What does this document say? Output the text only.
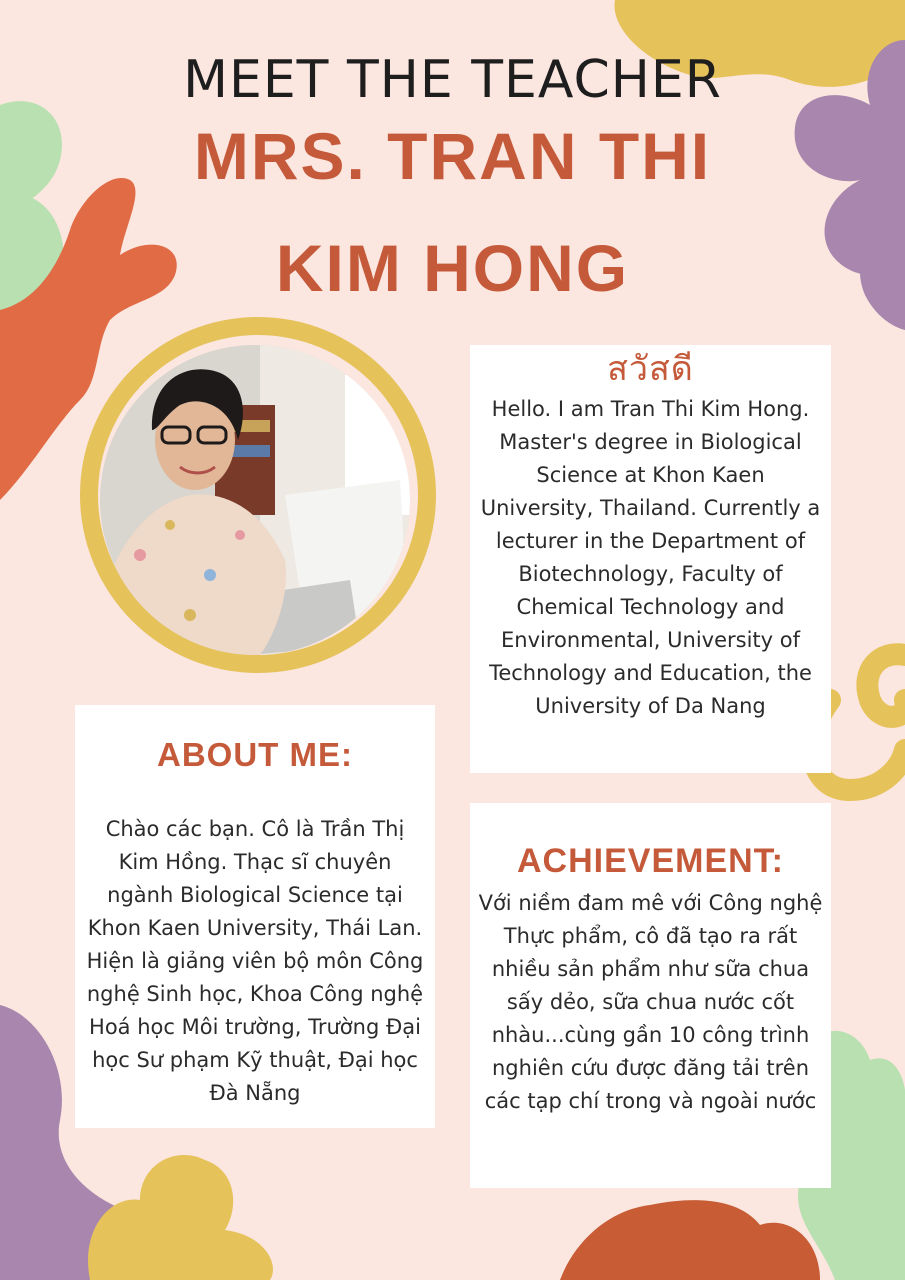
MEET THE TEACHER
MRS. TRAN THI
KIM HONG
สวัสดี

Hello. I am Tran Thi Kim Hong. Master's degree in Biological Science at Khon Kaen University, Thailand. Currently a lecturer in the Department of Biotechnology, Faculty of Chemical Technology and Environmental, University of Technology and Education, the University of Da Nang

ABOUT ME:

Chào các bạn. Cô là Trần Thị Kim Hồng. Thạc sĩ chuyên ngành Biological Science tại Khon Kaen University, Thái Lan. Hiện là giảng viên bộ môn Công nghệ Sinh học, Khoa Công nghệ Hoá học Môi trường, Trường Đại học Sư phạm Kỹ thuật, Đại học Đà Nẵng

ACHIEVEMENT:

Với niềm đam mê với Công nghệ Thực phẩm, cô đã tạo ra rất nhiều sản phẩm như sữa chua sấy dẻo, sữa chua nước cốt nhàu...cùng gần 10 công trình nghiên cứu được đăng tải trên các tạp chí trong và ngoài nước
